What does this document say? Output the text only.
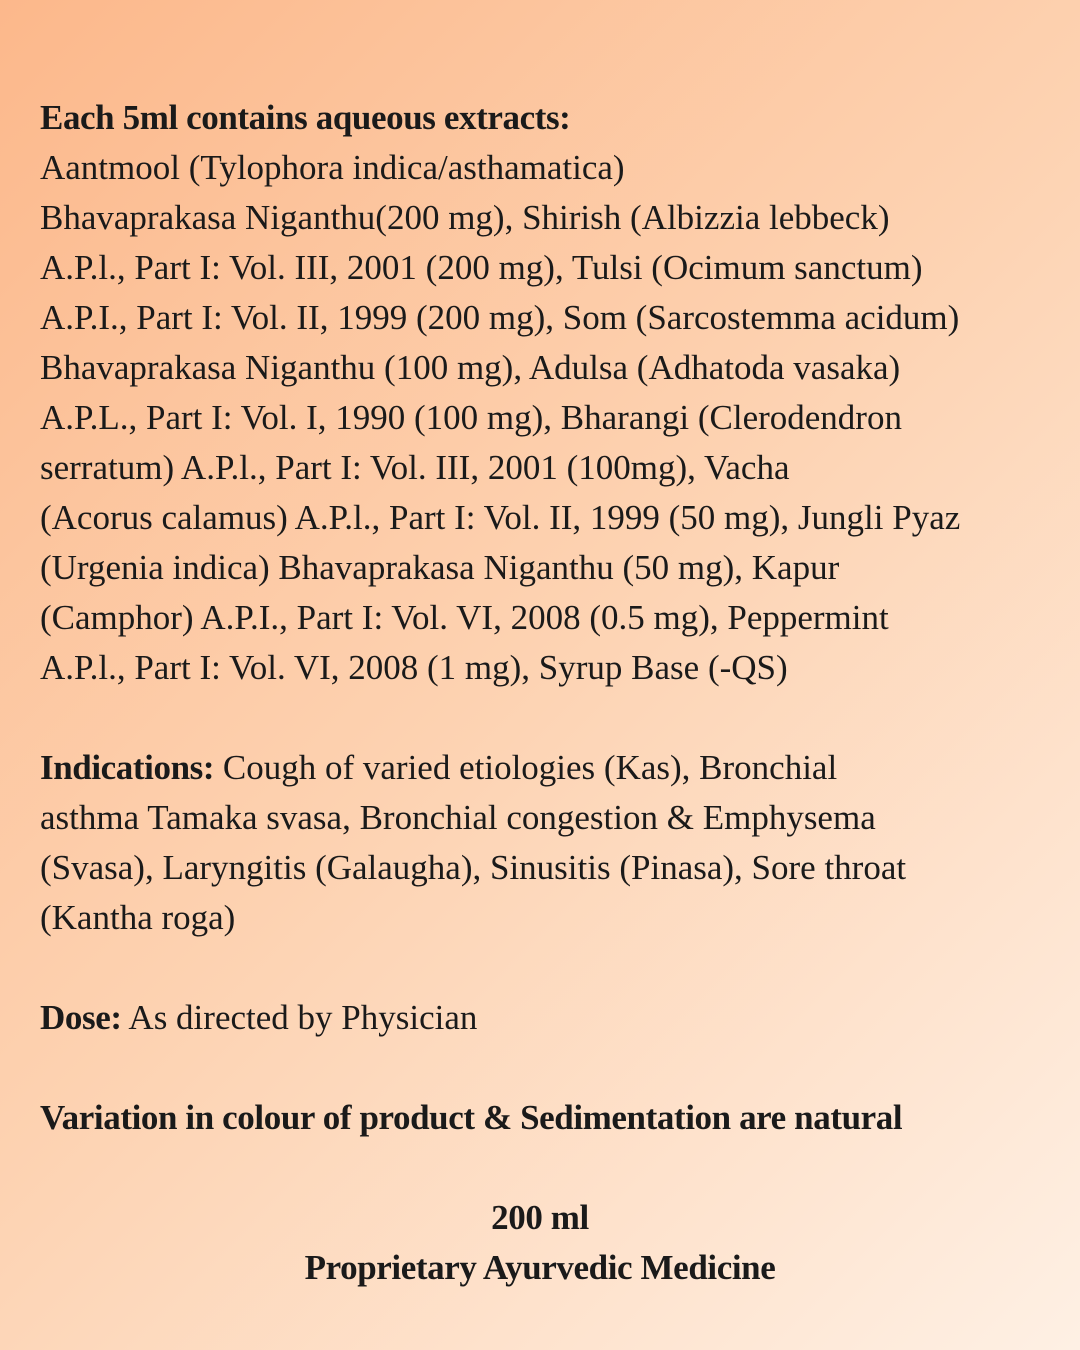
Each 5ml contains aqueous extracts:
Aantmool (Tylophora indica/asthamatica)
Bhavaprakasa Niganthu(200 mg), Shirish (Albizzia lebbeck)
A.P.l., Part I: Vol. III, 2001 (200 mg), Tulsi (Ocimum sanctum)
A.P.I., Part I: Vol. II, 1999 (200 mg), Som (Sarcostemma acidum)
Bhavaprakasa Niganthu (100 mg), Adulsa (Adhatoda vasaka)
A.P.L., Part I: Vol. I, 1990 (100 mg), Bharangi (Clerodendron
serratum) A.P.l., Part I: Vol. III, 2001 (100mg), Vacha
(Acorus calamus) A.P.l., Part I: Vol. II, 1999 (50 mg), Jungli Pyaz
(Urgenia indica) Bhavaprakasa Niganthu (50 mg), Kapur
(Camphor) A.P.I., Part I: Vol. VI, 2008 (0.5 mg), Peppermint
A.P.l., Part I: Vol. VI, 2008 (1 mg), Syrup Base (-QS)
Indications: Cough of varied etiologies (Kas), Bronchial
asthma Tamaka svasa, Bronchial congestion & Emphysema
(Svasa), Laryngitis (Galaugha), Sinusitis (Pinasa), Sore throat
(Kantha roga)
Dose: As directed by Physician
Variation in colour of product & Sedimentation are natural
200 ml
Proprietary Ayurvedic Medicine
